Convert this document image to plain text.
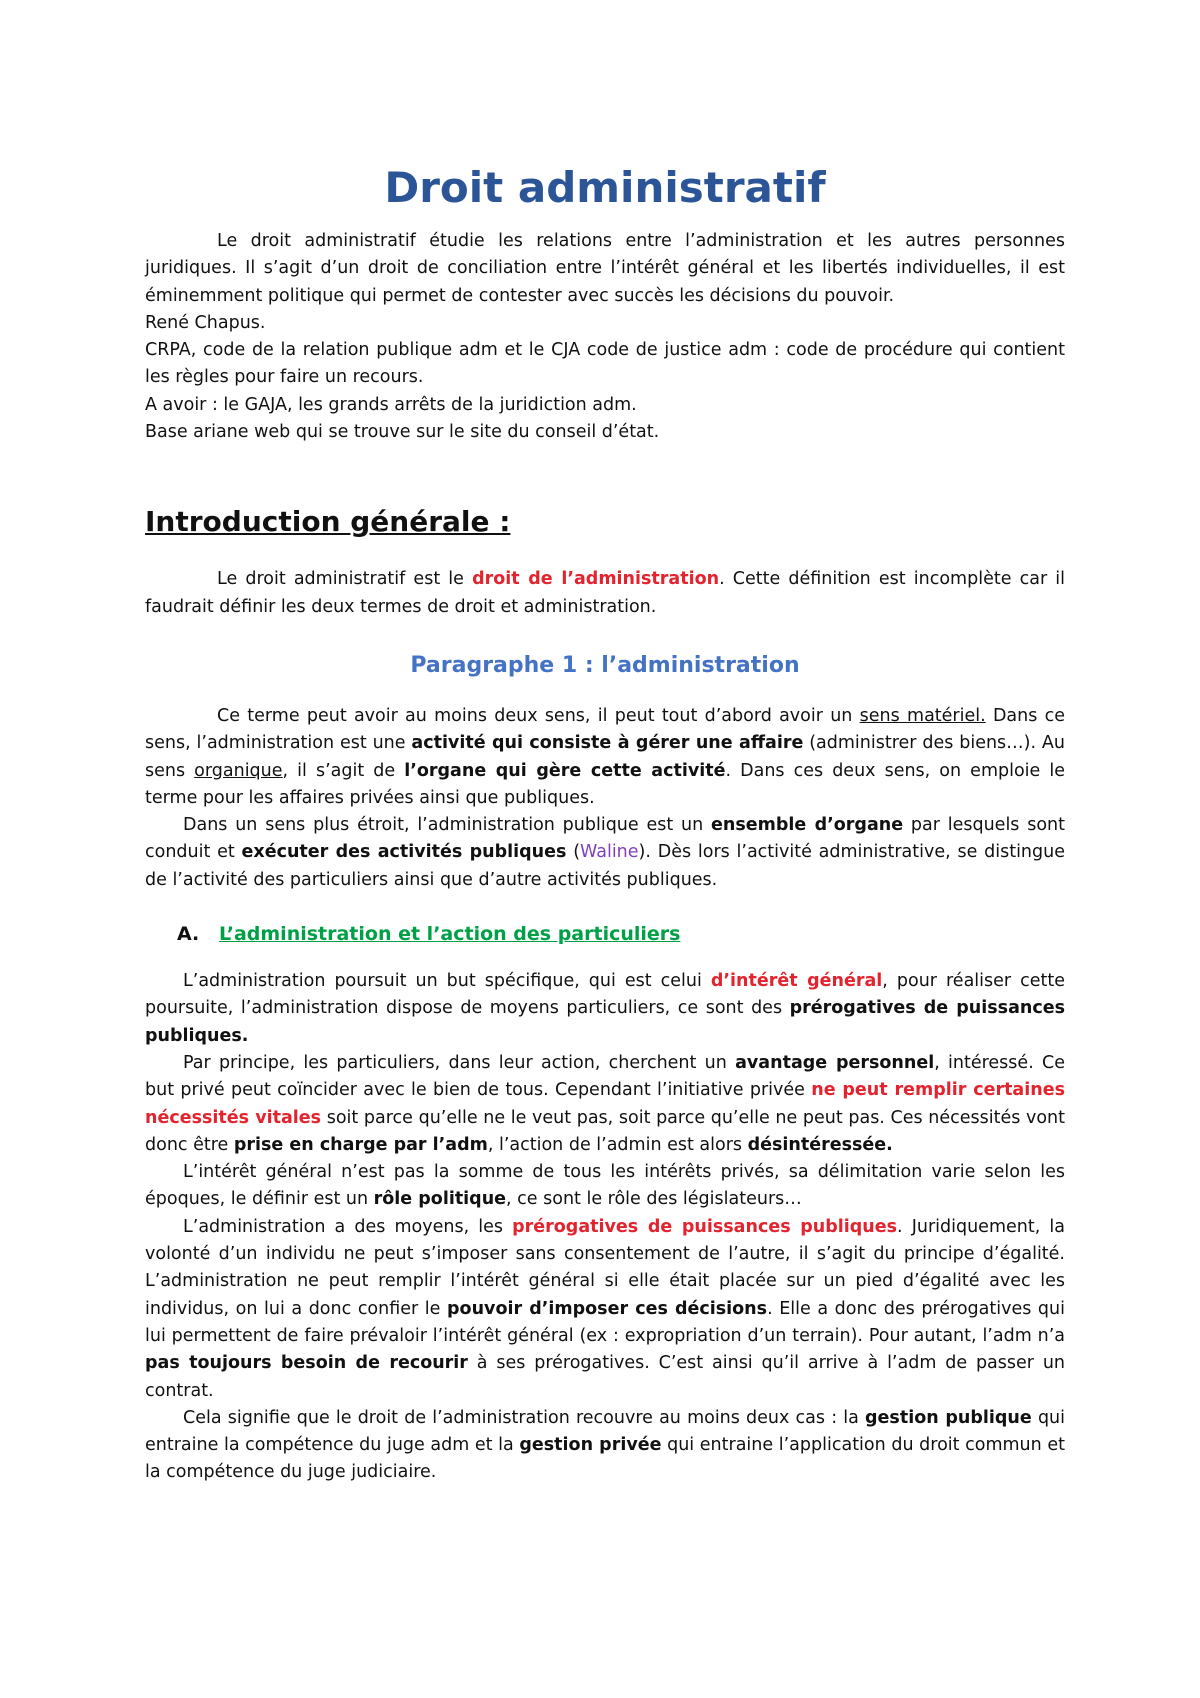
Droit administratif

Le droit administratif étudie les relations entre l’administration et les autres personnes juridiques. Il s’agit d’un droit de conciliation entre l’intérêt général et les libertés individuelles, il est éminemment politique qui permet de contester avec succès les décisions du pouvoir.

René Chapus.

CRPA, code de la relation publique adm et le CJA code de justice adm : code de procédure qui contient les règles pour faire un recours.

A avoir : le GAJA, les grands arrêts de la juridiction adm.

Base ariane web qui se trouve sur le site du conseil d’état.

Introduction générale :

Le droit administratif est le droit de l’administration. Cette définition est incomplète car il faudrait définir les deux termes de droit et administration.

Paragraphe 1 : l’administration

Ce terme peut avoir au moins deux sens, il peut tout d’abord avoir un sens matériel. Dans ce sens, l’administration est une activité qui consiste à gérer une affaire (administrer des biens…). Au sens organique, il s’agit de l’organe qui gère cette activité. Dans ces deux sens, on emploie le terme pour les affaires privées ainsi que publiques.

Dans un sens plus étroit, l’administration publique est un ensemble d’organe par lesquels sont conduit et exécuter des activités publiques (Waline). Dès lors l’activité administrative, se distingue de l’activité des particuliers ainsi que d’autre activités publiques.

A. L’administration et l’action des particuliers

L’administration poursuit un but spécifique, qui est celui d’intérêt général, pour réaliser cette poursuite, l’administration dispose de moyens particuliers, ce sont des prérogatives de puissances publiques.

Par principe, les particuliers, dans leur action, cherchent un avantage personnel, intéressé. Ce but privé peut coïncider avec le bien de tous. Cependant l’initiative privée ne peut remplir certaines nécessités vitales soit parce qu’elle ne le veut pas, soit parce qu’elle ne peut pas. Ces nécessités vont donc être prise en charge par l’adm, l’action de l’admin est alors désintéressée.

L’intérêt général n’est pas la somme de tous les intérêts privés, sa délimitation varie selon les époques, le définir est un rôle politique, ce sont le rôle des législateurs…

L’administration a des moyens, les prérogatives de puissances publiques. Juridiquement, la volonté d’un individu ne peut s’imposer sans consentement de l’autre, il s’agit du principe d’égalité. L’administration ne peut remplir l’intérêt général si elle était placée sur un pied d’égalité avec les individus, on lui a donc confier le pouvoir d’imposer ces décisions. Elle a donc des prérogatives qui lui permettent de faire prévaloir l’intérêt général (ex : expropriation d’un terrain). Pour autant, l’adm n’a pas toujours besoin de recourir à ses prérogatives. C’est ainsi qu’il arrive à l’adm de passer un contrat.

Cela signifie que le droit de l’administration recouvre au moins deux cas : la gestion publique qui entraine la compétence du juge adm et la gestion privée qui entraine l’application du droit commun et la compétence du juge judiciaire.
